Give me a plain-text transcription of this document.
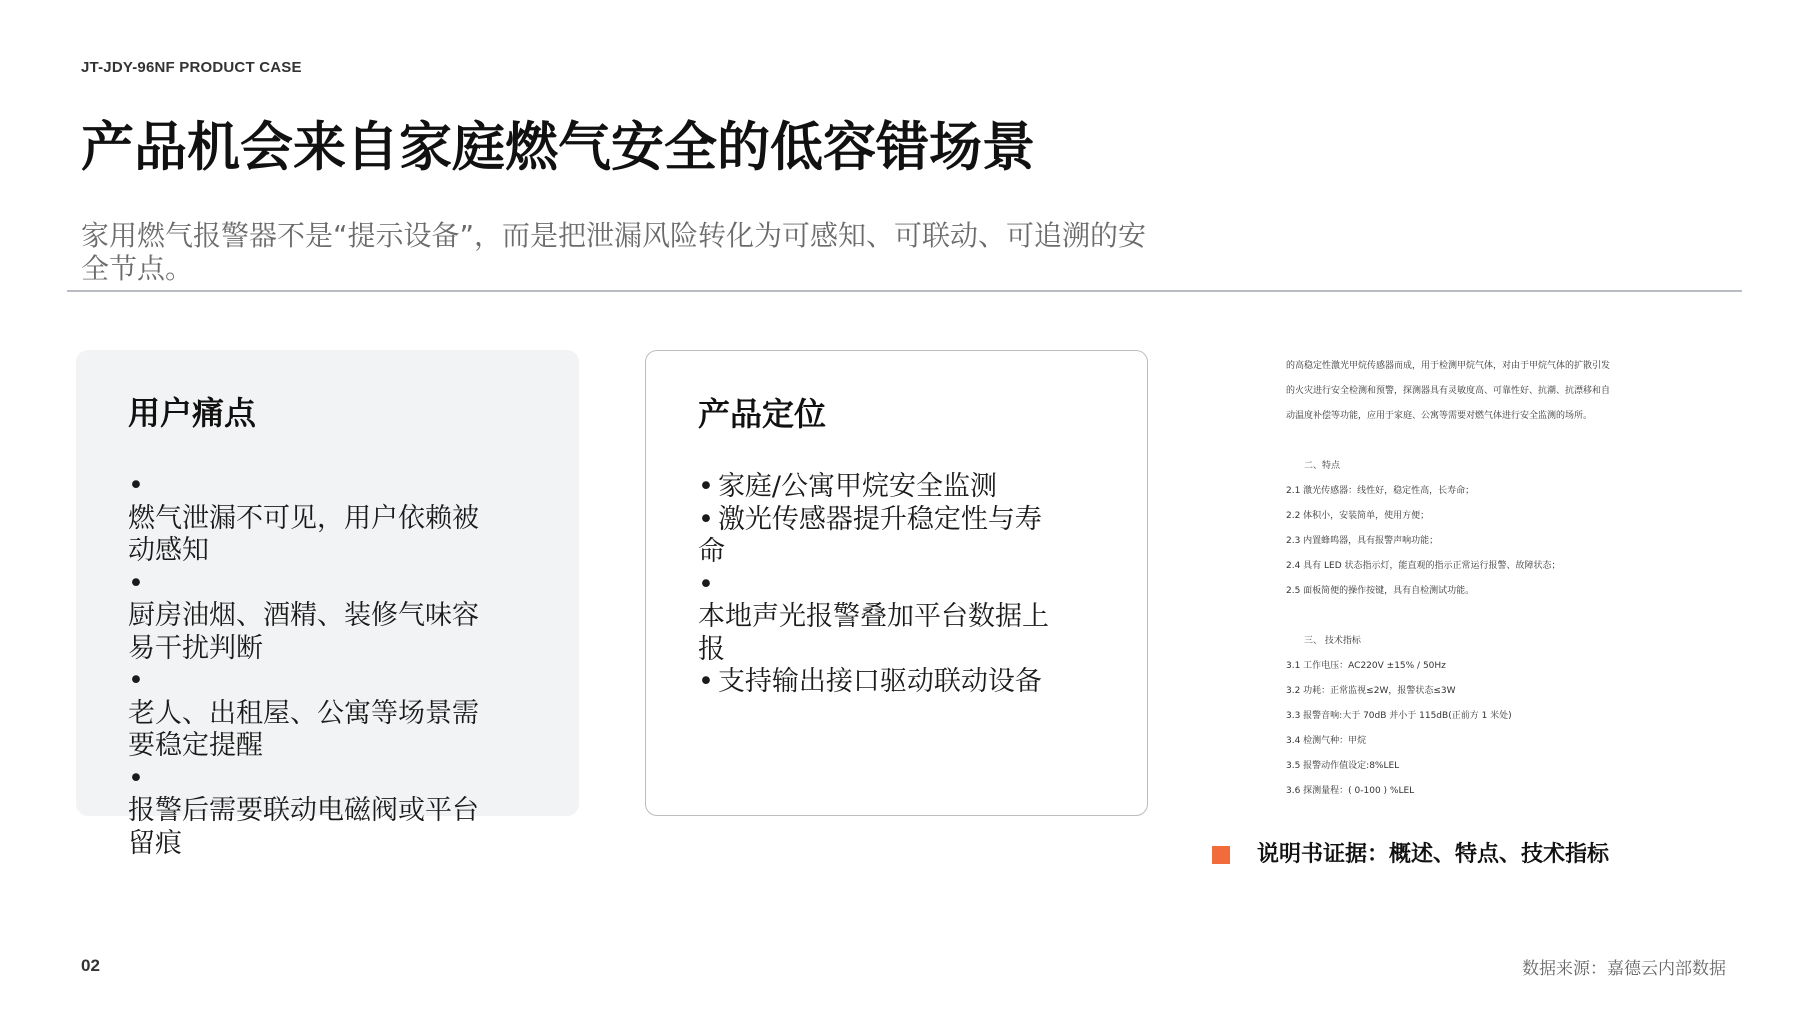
JT-JDY-96NF PRODUCT CASE
产品机会来自家庭燃气安全的低容错场景

家用燃气报警器不是“提示设备”，而是把泄漏风险转化为可感知、可联动、可追溯的安全节点。

用户痛点
•
燃气泄漏不可见，用户依赖被动感知
•
厨房油烟、酒精、装修气味容易干扰判断
•
老人、出租屋、公寓等场景需要稳定提醒
•
报警后需要联动电磁阀或平台留痕
产品定位
• 家庭/公寓甲烷安全监测
• 激光传感器提升稳定性与寿命
•
本地声光报警叠加平台数据上报
• 支持输出接口驱动联动设备
的高稳定性激光甲烷传感器而成，用于检测甲烷气体，对由于甲烷气体的扩散引发
的火灾进行安全检测和预警，探测器具有灵敏度高、可靠性好、抗潮、抗漂移和自
动温度补偿等功能，应用于家庭、公寓等需要对燃气体进行安全监测的场所。
二、特点
2.1 激光传感器：线性好，稳定性高，长寿命；
2.2 体积小，安装简单，使用方便；
2.3 内置蜂鸣器，具有报警声响功能；
2.4 具有 LED 状态指示灯，能直观的指示正常运行报警、故障状态；
2.5 面板简便的操作按键，具有自检测试功能。
三、 技术指标
3.1 工作电压：AC220V ±15% / 50Hz
3.2 功耗：正常监视≤2W，报警状态≤3W
3.3 报警音响:大于 70dB 并小于 115dB(正前方 1 米处)
3.4 检测气种：甲烷
3.5 报警动作值设定:8%LEL
3.6 探测量程：( 0-100 ) %LEL
说明书证据：概述、特点、技术指标
02	数据来源：嘉德云内部数据
